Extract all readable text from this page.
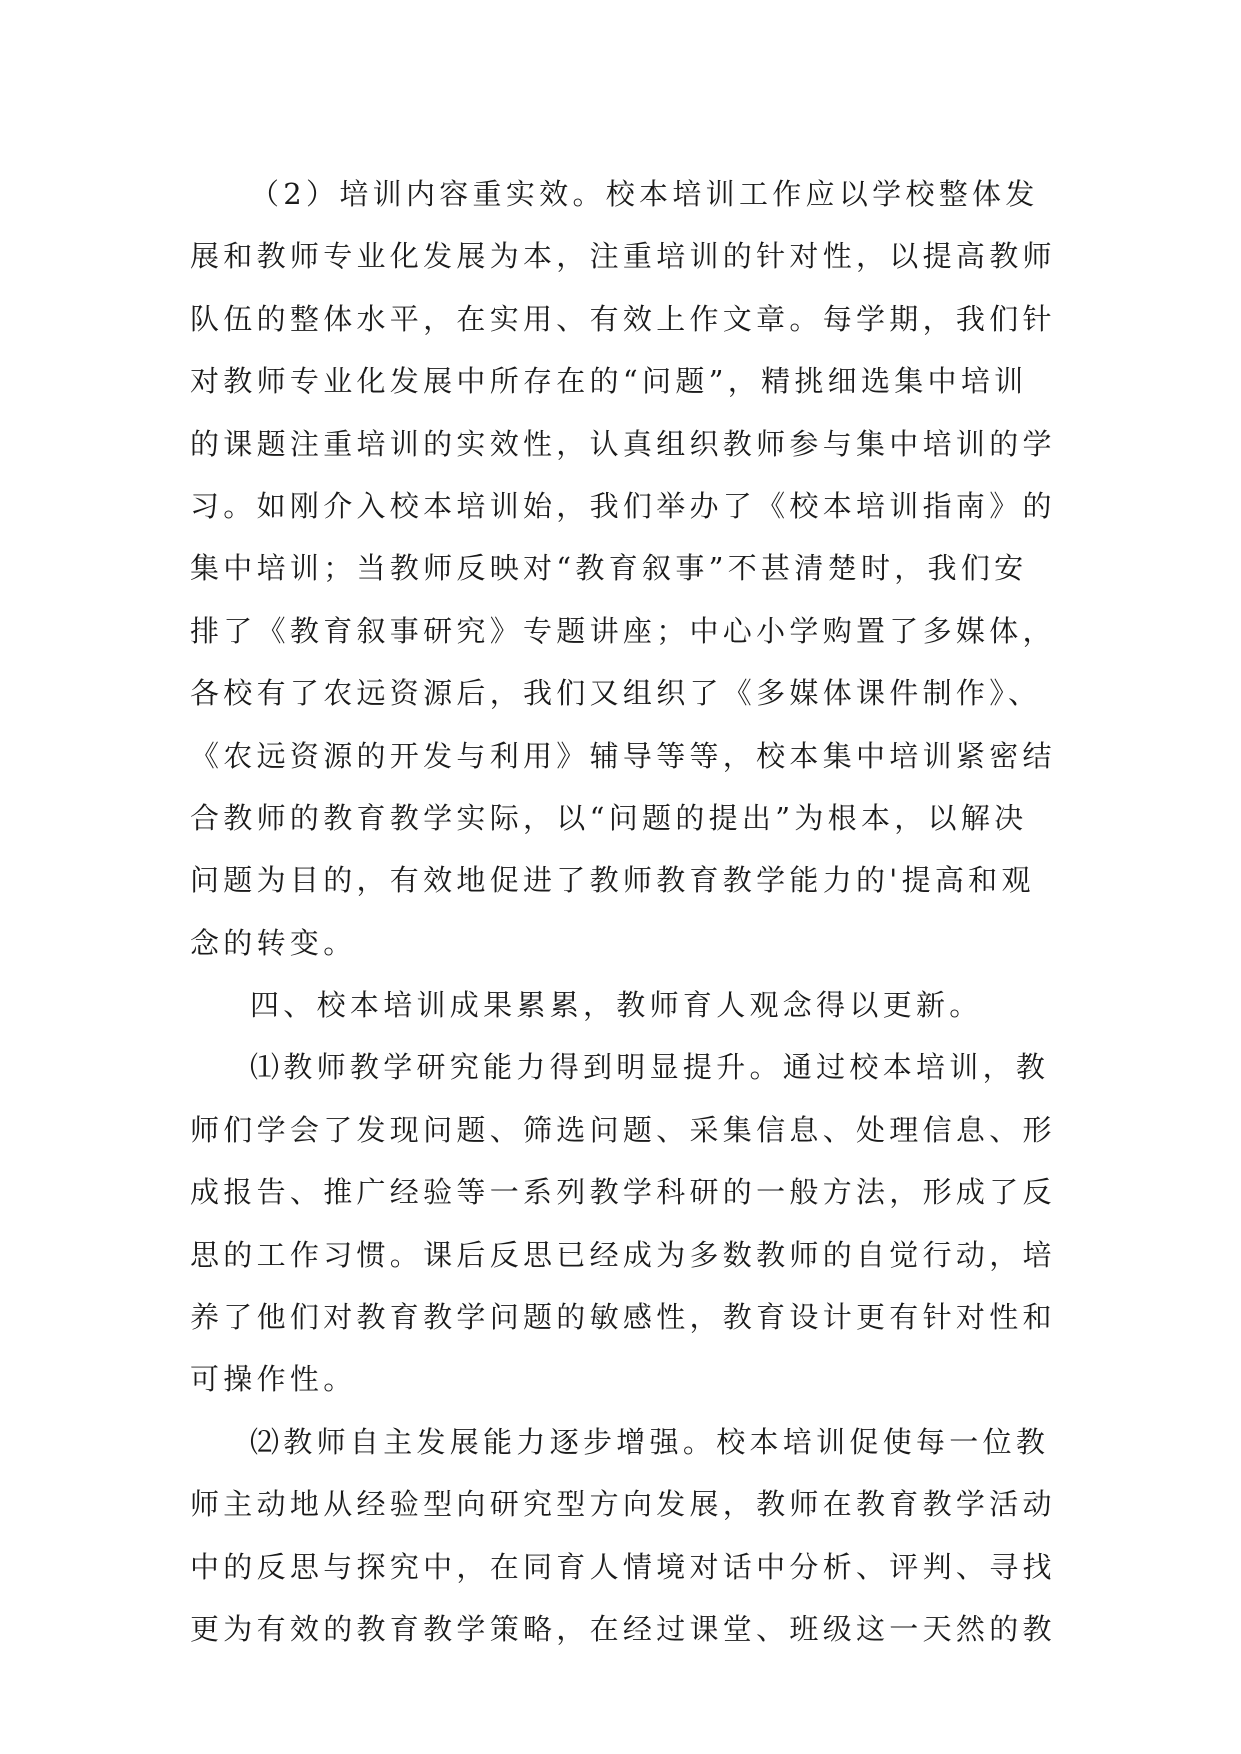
（2）培训内容重实效。校本培训工作应以学校整体发
展和教师专业化发展为本，注重培训的针对性，以提高教师
队伍的整体水平，在实用、有效上作文章。每学期，我们针
对教师专业化发展中所存在的“问题”，精挑细选集中培训
的课题注重培训的实效性，认真组织教师参与集中培训的学
习。如刚介入校本培训始，我们举办了《校本培训指南》的
集中培训；当教师反映对“教育叙事”不甚清楚时，我们安
排了《教育叙事研究》专题讲座；中心小学购置了多媒体，
各校有了农远资源后，我们又组织了《多媒体课件制作》、
《农远资源的开发与利用》辅导等等，校本集中培训紧密结
合教师的教育教学实际，以“问题的提出”为根本，以解决
问题为目的，有效地促进了教师教育教学能力的'提高和观
念的转变。
四、校本培训成果累累，教师育人观念得以更新。
⑴教师教学研究能力得到明显提升。通过校本培训，教
师们学会了发现问题、筛选问题、采集信息、处理信息、形
成报告、推广经验等一系列教学科研的一般方法，形成了反
思的工作习惯。课后反思已经成为多数教师的自觉行动，培
养了他们对教育教学问题的敏感性，教育设计更有针对性和
可操作性。
⑵教师自主发展能力逐步增强。校本培训促使每一位教
师主动地从经验型向研究型方向发展，教师在教育教学活动
中的反思与探究中，在同育人情境对话中分析、评判、寻找
更为有效的教育教学策略，在经过课堂、班级这一天然的教
